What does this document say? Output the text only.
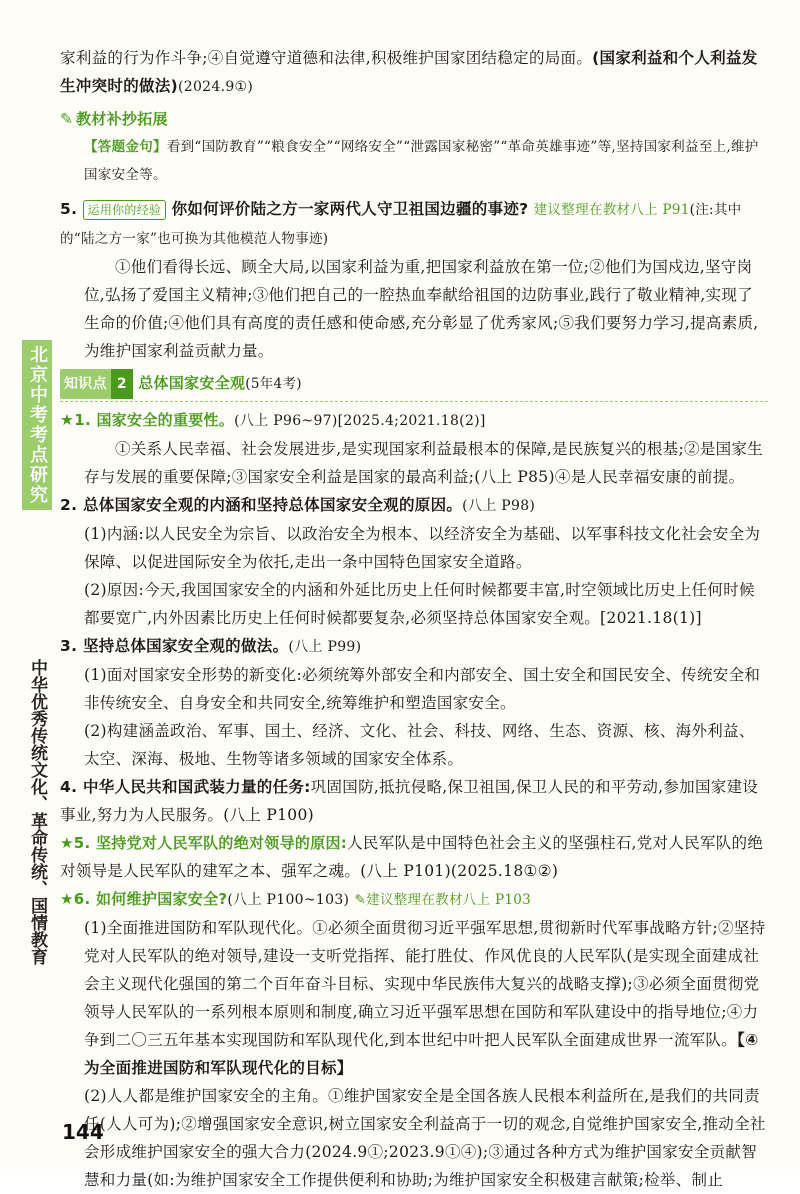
北京中考考点研究
中华优秀传统文化、革命传统、国情教育

家利益的行为作斗争;④自觉遵守道德和法律,积极维护国家团结稳定的局面。(国家利益和个人利益发生冲突时的做法)(2024.9①)

✎ 教材补抄拓展

【答题金句】看到“国防教育”“粮食安全”“网络安全”“泄露国家秘密”“革命英雄事迹”等,坚持国家利益至上,维护国家安全等。

5. 运用你的经验 你如何评价陆之方一家两代人守卫祖国边疆的事迹? 建议整理在教材八上 P91(注:其中的“陆之方一家”也可换为其他模范人物事迹)

①他们看得长远、顾全大局,以国家利益为重,把国家利益放在第一位;②他们为国戍边,坚守岗位,弘扬了爱国主义精神;③他们把自己的一腔热血奉献给祖国的边防事业,践行了敬业精神,实现了生命的价值;④他们具有高度的责任感和使命感,充分彰显了优秀家风;⑤我们要努力学习,提高素质,为维护国家利益贡献力量。

知识点 2 总体国家安全观(5年4考)

★1. 国家安全的重要性。(八上 P96~97)[2025.4;2021.18(2)]

①关系人民幸福、社会发展进步,是实现国家利益最根本的保障,是民族复兴的根基;②是国家生存与发展的重要保障;③国家安全利益是国家的最高利益;(八上 P85)④是人民幸福安康的前提。

2. 总体国家安全观的内涵和坚持总体国家安全观的原因。(八上 P98)

(1)内涵:以人民安全为宗旨、以政治安全为根本、以经济安全为基础、以军事科技文化社会安全为保障、以促进国际安全为依托,走出一条中国特色国家安全道路。

(2)原因:今天,我国国家安全的内涵和外延比历史上任何时候都要丰富,时空领域比历史上任何时候都要宽广,内外因素比历史上任何时候都要复杂,必须坚持总体国家安全观。[2021.18(1)]

3. 坚持总体国家安全观的做法。(八上 P99)

(1)面对国家安全形势的新变化:必须统筹外部安全和内部安全、国土安全和国民安全、传统安全和非传统安全、自身安全和共同安全,统筹维护和塑造国家安全。

(2)构建涵盖政治、军事、国土、经济、文化、社会、科技、网络、生态、资源、核、海外利益、太空、深海、极地、生物等诸多领域的国家安全体系。

4. 中华人民共和国武装力量的任务:巩固国防,抵抗侵略,保卫祖国,保卫人民的和平劳动,参加国家建设事业,努力为人民服务。(八上 P100)

★5. 坚持党对人民军队的绝对领导的原因:人民军队是中国特色社会主义的坚强柱石,党对人民军队的绝对领导是人民军队的建军之本、强军之魂。(八上 P101)(2025.18①②)

★6. 如何维护国家安全?(八上 P100~103) ✎建议整理在教材八上 P103

(1)全面推进国防和军队现代化。①必须全面贯彻习近平强军思想,贯彻新时代军事战略方针;②坚持党对人民军队的绝对领导,建设一支听党指挥、能打胜仗、作风优良的人民军队(是实现全面建成社会主义现代化强国的第二个百年奋斗目标、实现中华民族伟大复兴的战略支撑);③必须全面贯彻党领导人民军队的一系列根本原则和制度,确立习近平强军思想在国防和军队建设中的指导地位;④力争到二〇三五年基本实现国防和军队现代化,到本世纪中叶把人民军队全面建成世界一流军队。【④为全面推进国防和军队现代化的目标】

(2)人人都是维护国家安全的主角。①维护国家安全是全国各族人民根本利益所在,是我们的共同责任(人人可为);②增强国家安全意识,树立国家安全利益高于一切的观念,自觉维护国家安全,推动全社会形成维护国家安全的强大合力(2024.9①;2023.9①④);③通过各种方式为维护国家安全贡献智慧和力量(如:为维护国家安全工作提供便利和协助;为维护国家安全积极建言献策;检举、制止

144
